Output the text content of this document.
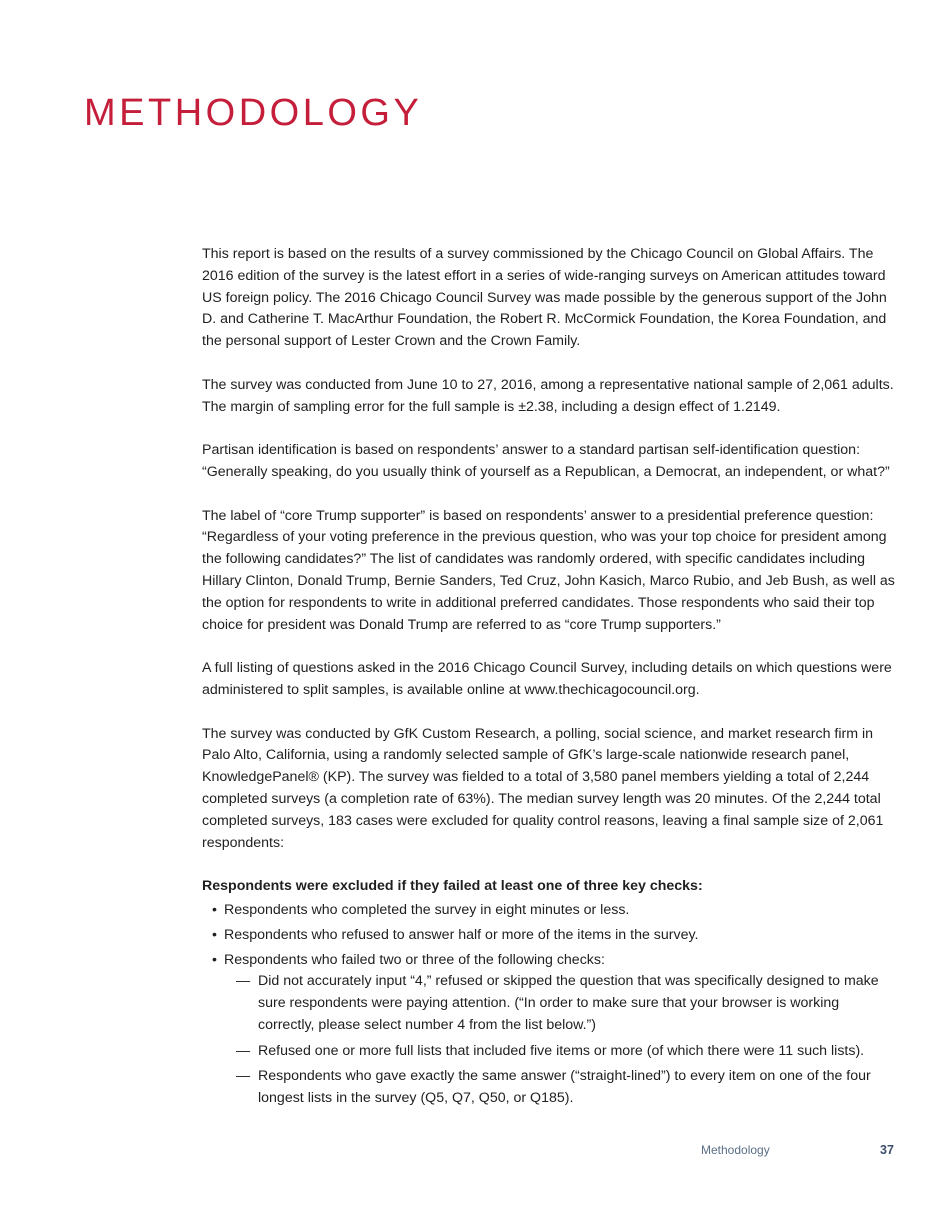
METHODOLOGY

This report is based on the results of a survey commissioned by the Chicago Council on Global Affairs. The 2016 edition of the survey is the latest effort in a series of wide-ranging surveys on American attitudes toward US foreign policy. The 2016 Chicago Council Survey was made possible by the generous support of the John D. and Catherine T. MacArthur Foundation, the Robert R. McCormick Foundation, the Korea Foundation, and the personal support of Lester Crown and the Crown Family.

The survey was conducted from June 10 to 27, 2016, among a representative national sample of 2,061 adults. The margin of sampling error for the full sample is ±2.38, including a design effect of 1.2149.

Partisan identification is based on respondents’ answer to a standard partisan self-identification question: “Generally speaking, do you usually think of yourself as a Republican, a Democrat, an independent, or what?”

The label of “core Trump supporter” is based on respondents’ answer to a presidential preference question: “Regardless of your voting preference in the previous question, who was your top choice for president among the following candidates?” The list of candidates was randomly ordered, with specific candidates including Hillary Clinton, Donald Trump, Bernie Sanders, Ted Cruz, John Kasich, Marco Rubio, and Jeb Bush, as well as the option for respondents to write in additional preferred candidates. Those respondents who said their top choice for president was Donald Trump are referred to as “core Trump supporters.”

A full listing of questions asked in the 2016 Chicago Council Survey, including details on which questions were administered to split samples, is available online at www.thechicagocouncil.org.

The survey was conducted by GfK Custom Research, a polling, social science, and market research firm in Palo Alto, California, using a randomly selected sample of GfK’s large-scale nationwide research panel, KnowledgePanel® (KP). The survey was fielded to a total of 3,580 panel members yielding a total of 2,244 completed surveys (a completion rate of 63%). The median survey length was 20 minutes. Of the 2,244 total completed surveys, 183 cases were excluded for quality control reasons, leaving a final sample size of 2,061 respondents:

Respondents were excluded if they failed at least one of three key checks:
• Respondents who completed the survey in eight minutes or less.
• Respondents who refused to answer half or more of the items in the survey.
• Respondents who failed two or three of the following checks:
— Did not accurately input “4,” refused or skipped the question that was specifically designed to make sure respondents were paying attention. (“In order to make sure that your browser is working correctly, please select number 4 from the list below.”)
— Refused one or more full lists that included five items or more (of which there were 11 such lists).
— Respondents who gave exactly the same answer (“straight-lined”) to every item on one of the four longest lists in the survey (Q5, Q7, Q50, or Q185).
Methodology	37
